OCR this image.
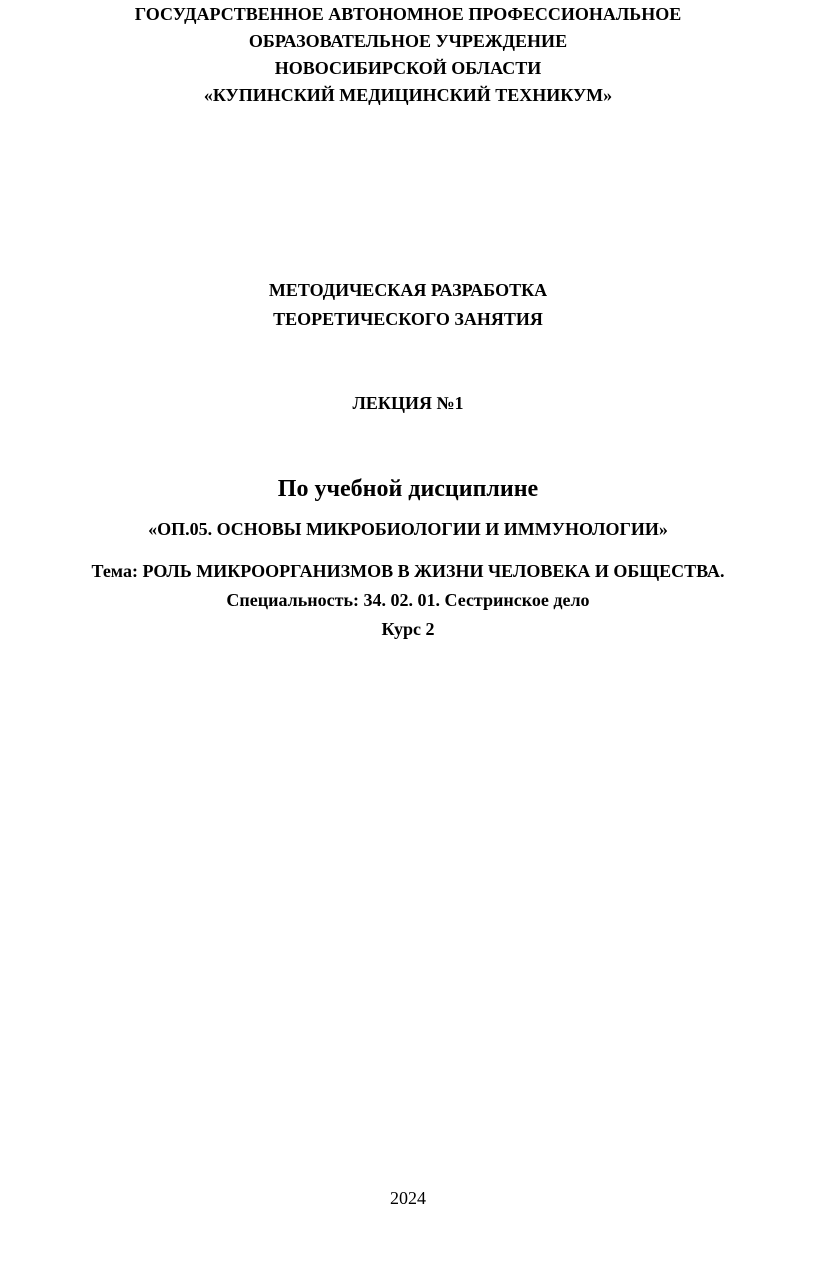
ГОСУДАРСТВЕННОЕ АВТОНОМНОЕ ПРОФЕССИОНАЛЬНОЕ
ОБРАЗОВАТЕЛЬНОЕ УЧРЕЖДЕНИЕ
НОВОСИБИРСКОЙ ОБЛАСТИ
«КУПИНСКИЙ МЕДИЦИНСКИЙ ТЕХНИКУМ»
МЕТОДИЧЕСКАЯ РАЗРАБОТКА
ТЕОРЕТИЧЕСКОГО ЗАНЯТИЯ
ЛЕКЦИЯ №1
По учебной дисциплине
«ОП.05. ОСНОВЫ МИКРОБИОЛОГИИ И ИММУНОЛОГИИ»
Тема: РОЛЬ МИКРООРГАНИЗМОВ В ЖИЗНИ ЧЕЛОВЕКА И ОБЩЕСТВА.
Специальность: 34. 02. 01. Сестринское дело
Курс 2
2024
